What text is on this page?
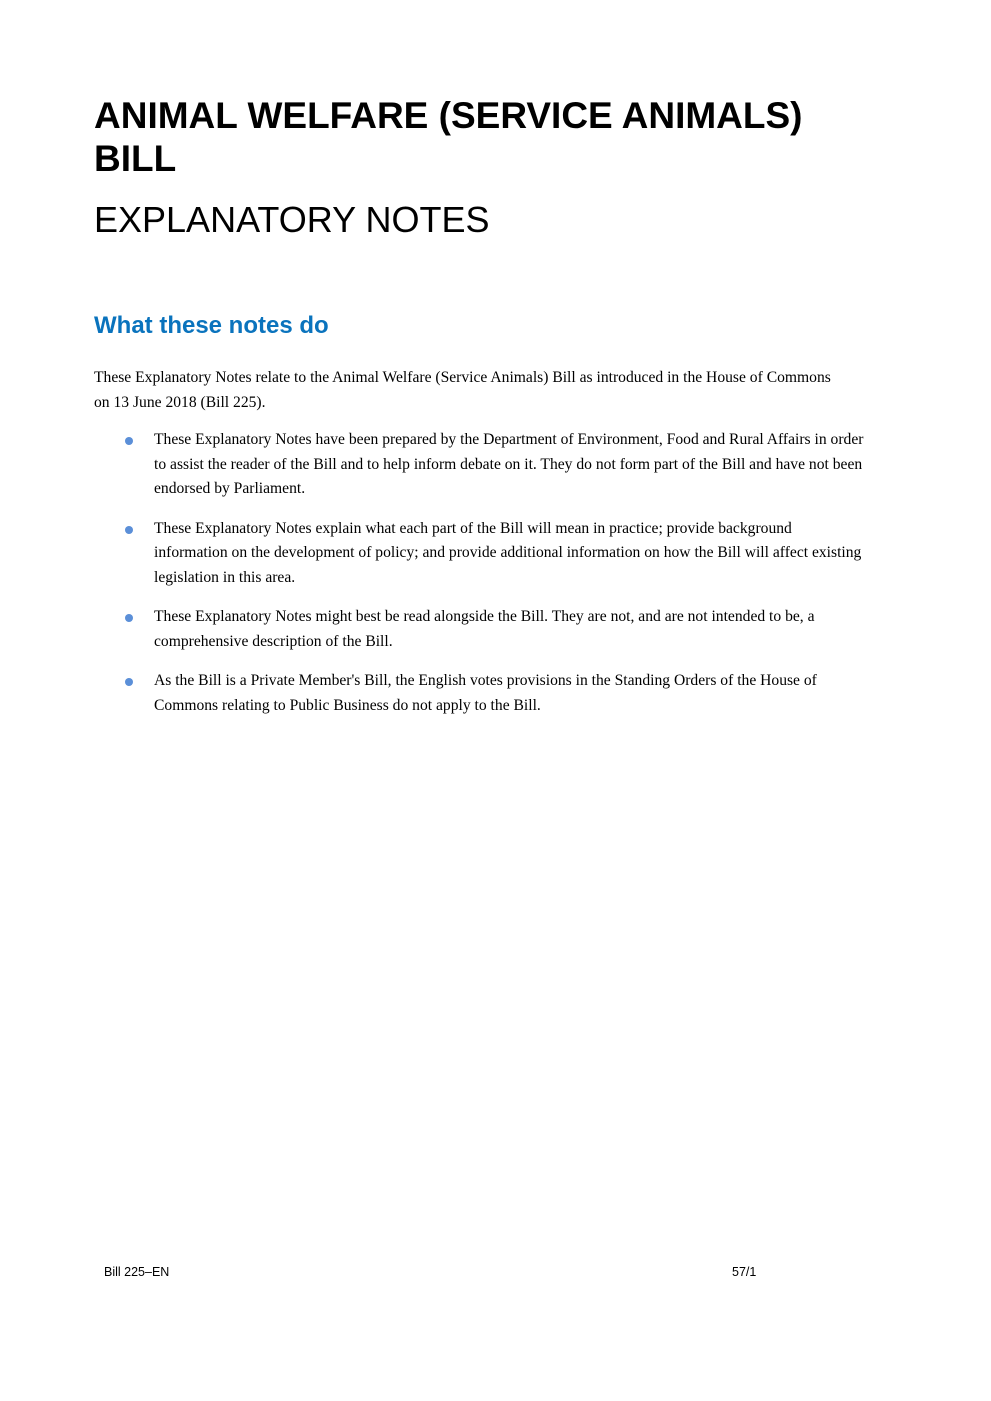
ANIMAL WELFARE (SERVICE ANIMALS) BILL
EXPLANATORY NOTES
What these notes do

These Explanatory Notes relate to the Animal Welfare (Service Animals) Bill as introduced in the House of Commons on 13 June 2018 (Bill 225).

These Explanatory Notes have been prepared by the Department of Environment, Food and Rural Affairs in order to assist the reader of the Bill and to help inform debate on it. They do not form part of the Bill and have not been endorsed by Parliament.
These Explanatory Notes explain what each part of the Bill will mean in practice; provide background information on the development of policy; and provide additional information on how the Bill will affect existing legislation in this area.
These Explanatory Notes might best be read alongside the Bill. They are not, and are not intended to be, a comprehensive description of the Bill.
As the Bill is a Private Member's Bill, the English votes provisions in the Standing Orders of the House of Commons relating to Public Business do not apply to the Bill.
Bill 225–EN	57/1
